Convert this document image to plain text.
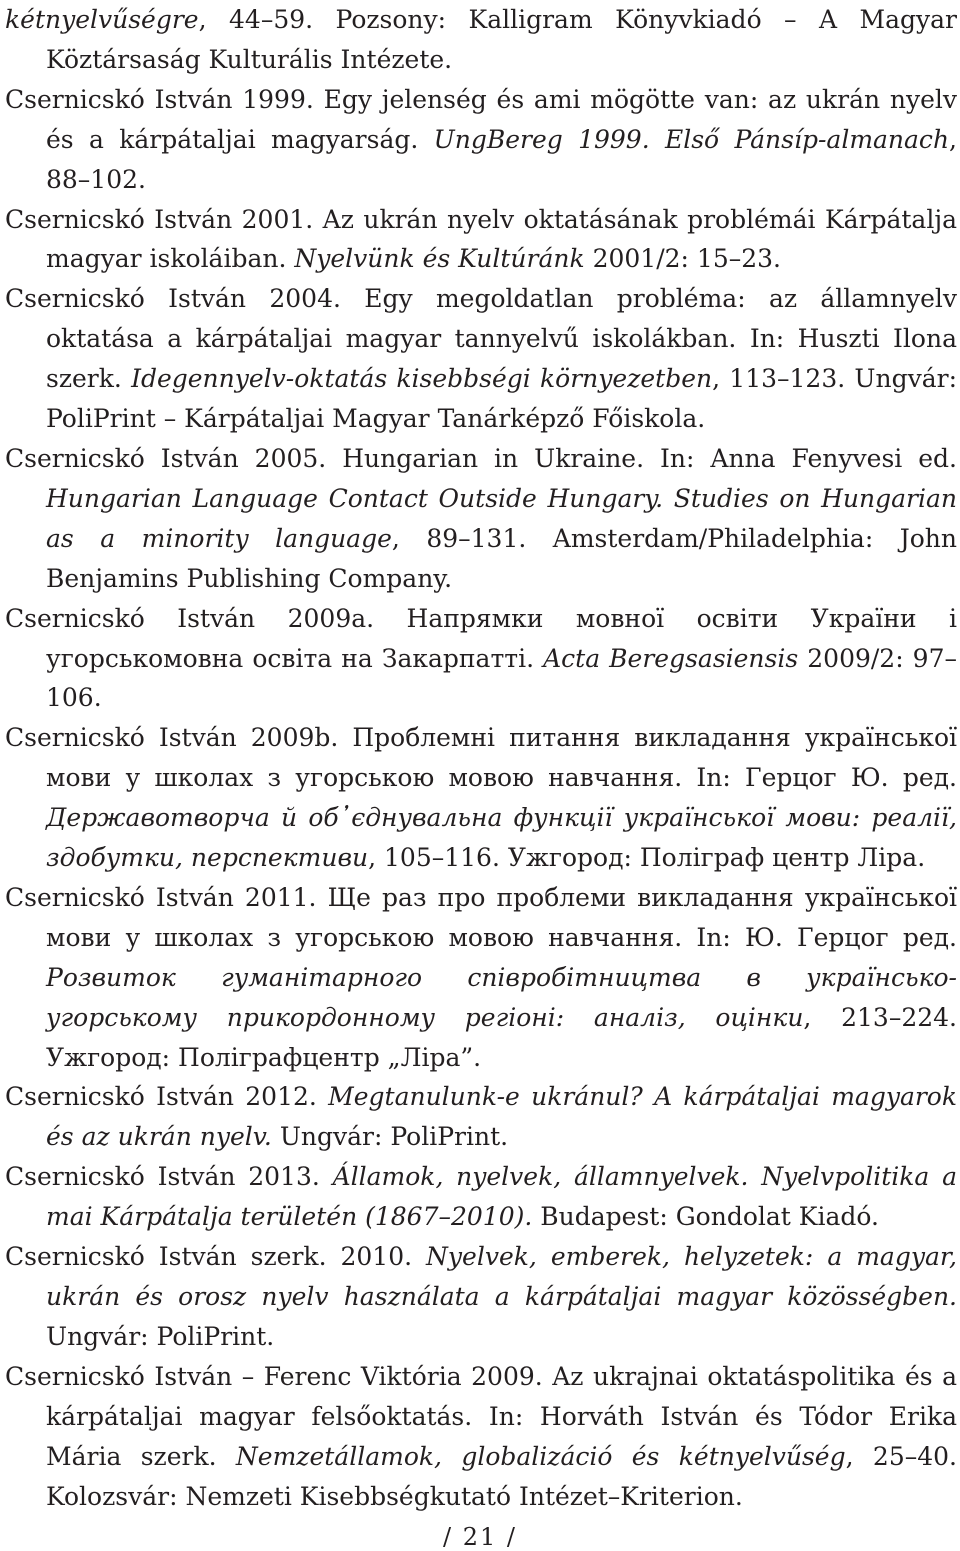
kétnyelvűségre, 44–59. Pozsony: Kalligram Könyvkiadó – A Magyar Köztársaság Kulturális Intézete.

Csernicskó István 1999. Egy jelenség és ami mögötte van: az ukrán nyelv és a kárpátaljai magyarság. UngBereg 1999. Első Pánsíp-almanach, 88–102.

Csernicskó István 2001. Az ukrán nyelv oktatásának problémái Kárpátalja magyar iskoláiban. Nyelvünk és Kultúránk 2001/2: 15–23.

Csernicskó István 2004. Egy megoldatlan probléma: az államnyelv oktatása a kárpátaljai magyar tannyelvű iskolákban. In: Huszti Ilona szerk. Idegennyelv-oktatás kisebbségi környezetben, 113–123. Ungvár: PoliPrint – Kárpátaljai Magyar Tanárképző Főiskola.

Csernicskó István 2005. Hungarian in Ukraine. In: Anna Fenyvesi ed. Hungarian Language Contact Outside Hungary. Studies on Hungarian as a minority language, 89–131. Amsterdam/Philadelphia: John Benjamins Publishing Company.

Csernicskó István 2009a. Напрямки мовної освіти України і угорськомовна освіта на Закарпатті. Acta Beregsasiensis 2009/2: 97–106.

Csernicskó István 2009b. Проблемні питання викладання української мови у школах з угорською мовою навчання. In: Герцог Ю. ред. Державотворча й об᾽єднувальна функції української мови: реалії, здобутки, перспективи, 105–116. Ужгород: Поліграф центр Ліра.

Csernicskó István 2011. Ще раз про проблеми викладання української мови у школах з угорською мовою навчання. In: Ю. Герцог ред. Розвиток гуманітарного співробітництва в українсько-угорському прикордонному регіоні: аналіз, оцінки, 213–224. Ужгород: Поліграфцентр „Ліра”.

Csernicskó István 2012. Megtanulunk-e ukránul? A kárpátaljai magyarok és az ukrán nyelv. Ungvár: PoliPrint.

Csernicskó István 2013. Államok, nyelvek, államnyelvek. Nyelvpolitika a mai Kárpátalja területén (1867–2010). Budapest: Gondolat Kiadó.

Csernicskó István szerk. 2010. Nyelvek, emberek, helyzetek: a magyar, ukrán és orosz nyelv használata a kárpátaljai magyar közösségben. Ungvár: PoliPrint.

Csernicskó István – Ferenc Viktória 2009. Az ukrajnai oktatáspolitika és a kárpátaljai magyar felsőoktatás. In: Horváth István és Tódor Erika Mária szerk. Nemzetállamok, globalizáció és kétnyelvűség, 25–40. Kolozsvár: Nemzeti Kisebbségkutató Intézet–Kriterion.

/ 21 /
